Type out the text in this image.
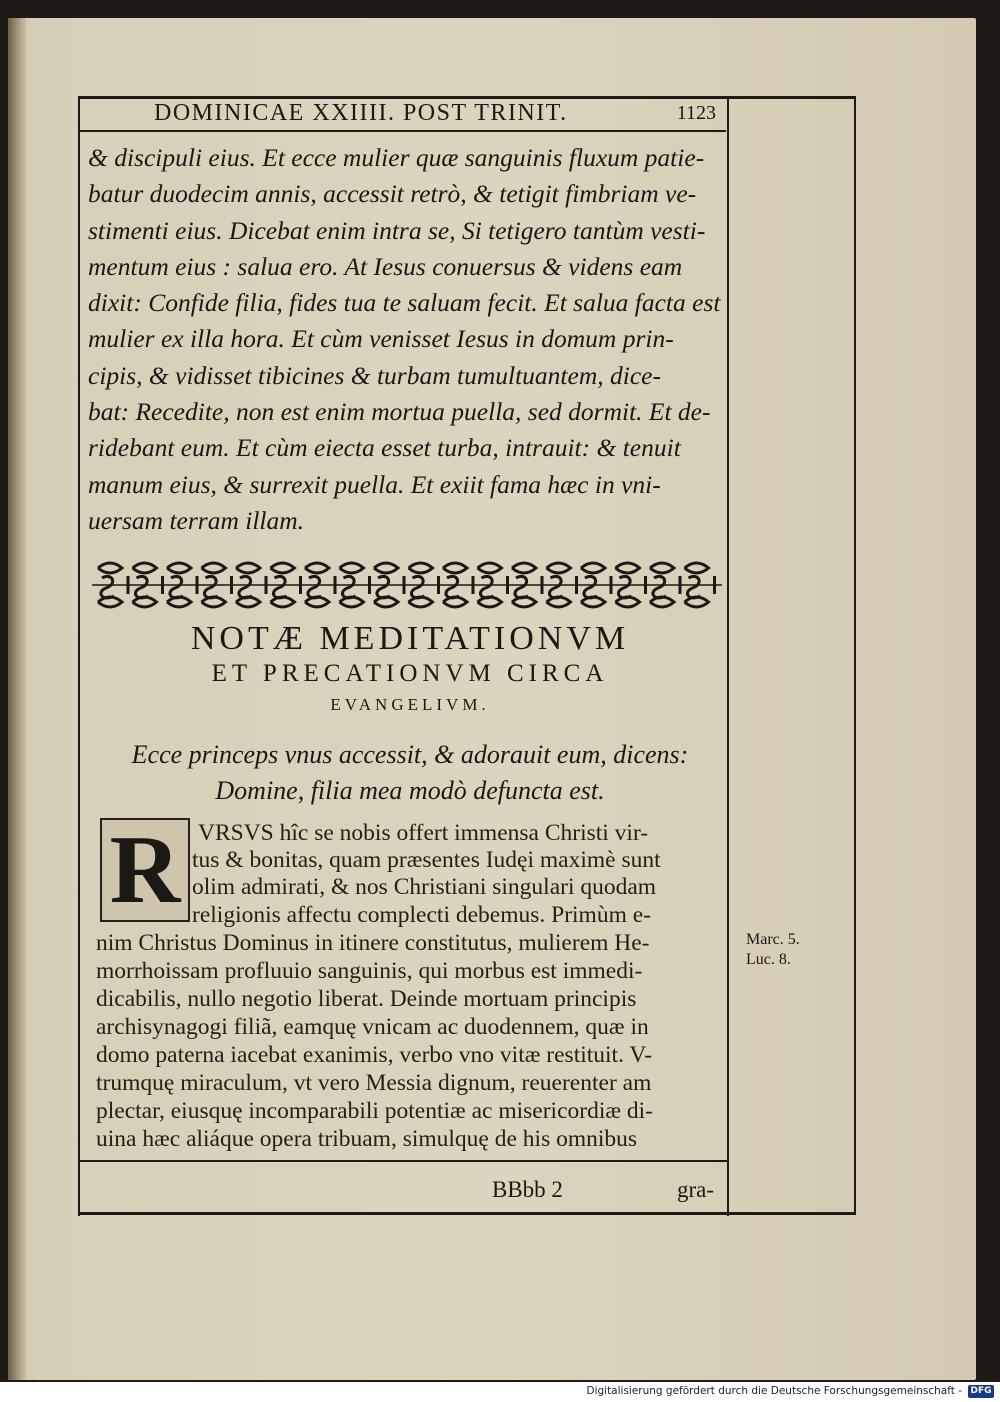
DOMINICAE XXIIII. POST TRINIT.	1123
& discipuli eius. Et ecce mulier quæ sanguinis fluxum patie-
batur duodecim annis, accessit retrò, & tetigit fimbriam ve-
stimenti eius. Dicebat enim intra se, Si tetigero tantùm vesti-
mentum eius : salua ero. At Iesus conuersus & videns eam
dixit: Confide filia, fides tua te saluam fecit. Et salua facta est
mulier ex illa hora. Et cùm venisset Iesus in domum prin-
cipis, & vidisset tibicines & turbam tumultuantem, dice-
bat: Recedite, non est enim mortua puella, sed dormit. Et de-
ridebant eum. Et cùm eiecta esset turba, intrauit: & tenuit
manum eius, & surrexit puella. Et exiit fama hæc in vni-
uersam terram illam.
NOTÆ MEDITATIONVM
ET PRECATIONVM CIRCA
EVANGELIVM.
Ecce princeps vnus accessit, & adorauit eum, dicens:
Domine, filia mea modò defuncta est.
R VRSVS hîc se nobis offert immensa Christi vir-
tus & bonitas, quam præsentes Iudęi maximè sunt
olim admirati, & nos Christiani singulari quodam
religionis affectu complecti debemus. Primùm e-
nim Christus Dominus in itinere constitutus, mulierem He-
morrhoissam profluuio sanguinis, qui morbus est immedi-
dicabilis, nullo negotio liberat. Deinde mortuam principis
archisynagogi filiã, eamquę vnicam ac duodennem, quæ in
domo paterna iacebat exanimis, verbo vno vitæ restituit. V-
trumquę miraculum, vt vero Messia dignum, reuerenter am
plectar, eiusquę incomparabili potentiæ ac misericordiæ di-
uina hæc aliáque opera tribuam, simulquę de his omnibus
Marc. 5.
Luc. 8.
BBbb 2	gra-
Digitalisierung gefördert durch die Deutsche Forschungsgemeinschaft - DFG
